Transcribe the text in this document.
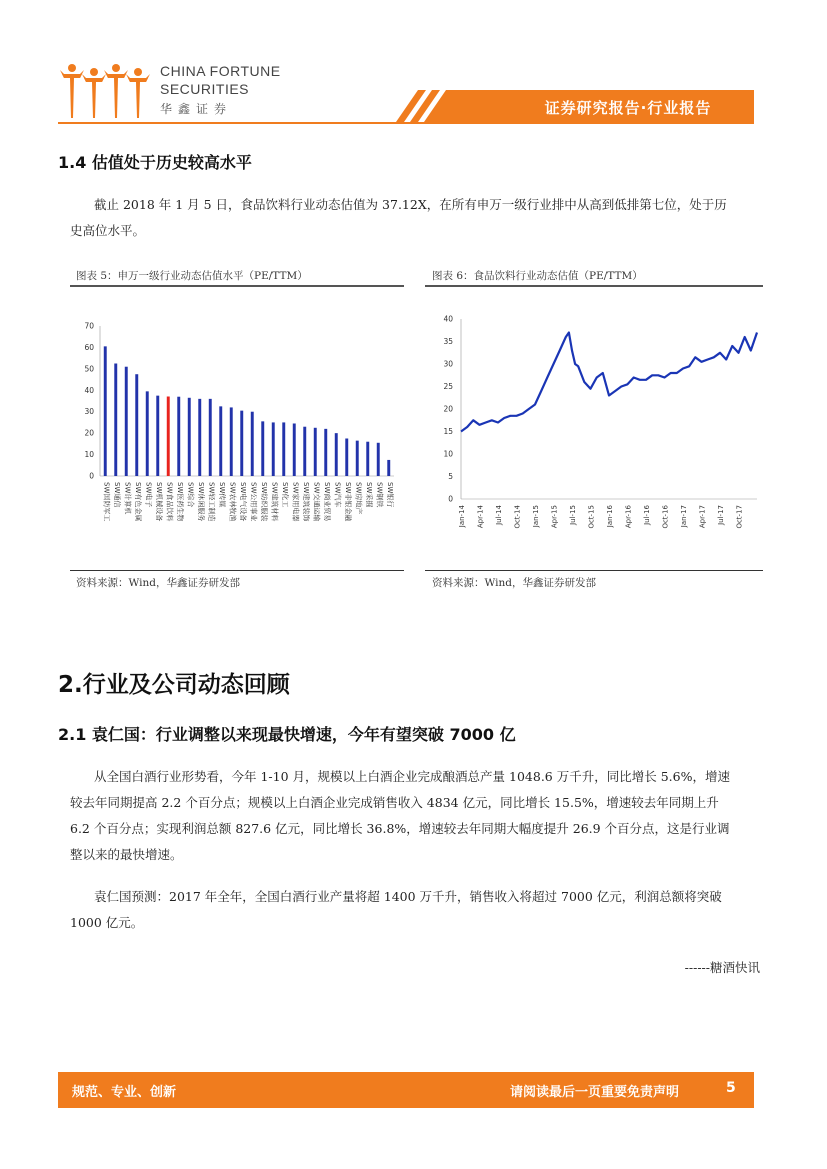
CHINA FORTUNE
SECURITIES
华鑫证券	证券研究报告·行业报告
1.4 估值处于历史较高水平
截止 2018 年 1 月 5 日，食品饮料行业动态估值为 37.12X，在所有申万一级行业排中从高到低排第七位，处于历史高位水平。
图表 5：申万一级行业动态估值水平（PE/TTM）
0
10
20
30
40
50
60
70
SW国防军工 SW通信 SW计算机 SW有色金属 SW电子 SW机械设备 SW食品饮料 SW医药生物 SW综合 SW休闲服务 SW轻工制造 SW传媒 SW农林牧渔 SW电气设备 SW公用事业 SW纺织服装 SW建筑材料 SW化工 SW家用电器 SW建筑装饰 SW交通运输 SW商业贸易 SW汽车 SW非银金融 SW房地产 SW采掘 SW钢铁 SW银行
资料来源：Wind，华鑫证券研发部
图表 6：食品饮料行业动态估值（PE/TTM）
0
5
10
15
20
25
30
35
40
Jan-14 Apr-14 Jul-14 Oct-14 Jan-15 Apr-15 Jul-15 Oct-15 Jan-16 Apr-16 Jul-16 Oct-16 Jan-17 Apr-17 Jul-17 Oct-17
资料来源：Wind，华鑫证券研发部
2.行业及公司动态回顾
2.1 袁仁国：行业调整以来现最快增速，今年有望突破 7000 亿
从全国白酒行业形势看，今年 1-10 月，规模以上白酒企业完成酿酒总产量 1048.6 万千升，同比增长 5.6%，增速较去年同期提高 2.2 个百分点；规模以上白酒企业完成销售收入 4834 亿元，同比增长 15.5%，增速较去年同期上升 6.2 个百分点；实现利润总额 827.6 亿元，同比增长 36.8%，增速较去年同期大幅度提升 26.9 个百分点，这是行业调整以来的最快增速。
袁仁国预测：2017 年全年，全国白酒行业产量将超 1400 万千升，销售收入将超过 7000 亿元，利润总额将突破 1000 亿元。
------糖酒快讯
规范、专业、创新	请阅读最后一页重要免责声明	5
